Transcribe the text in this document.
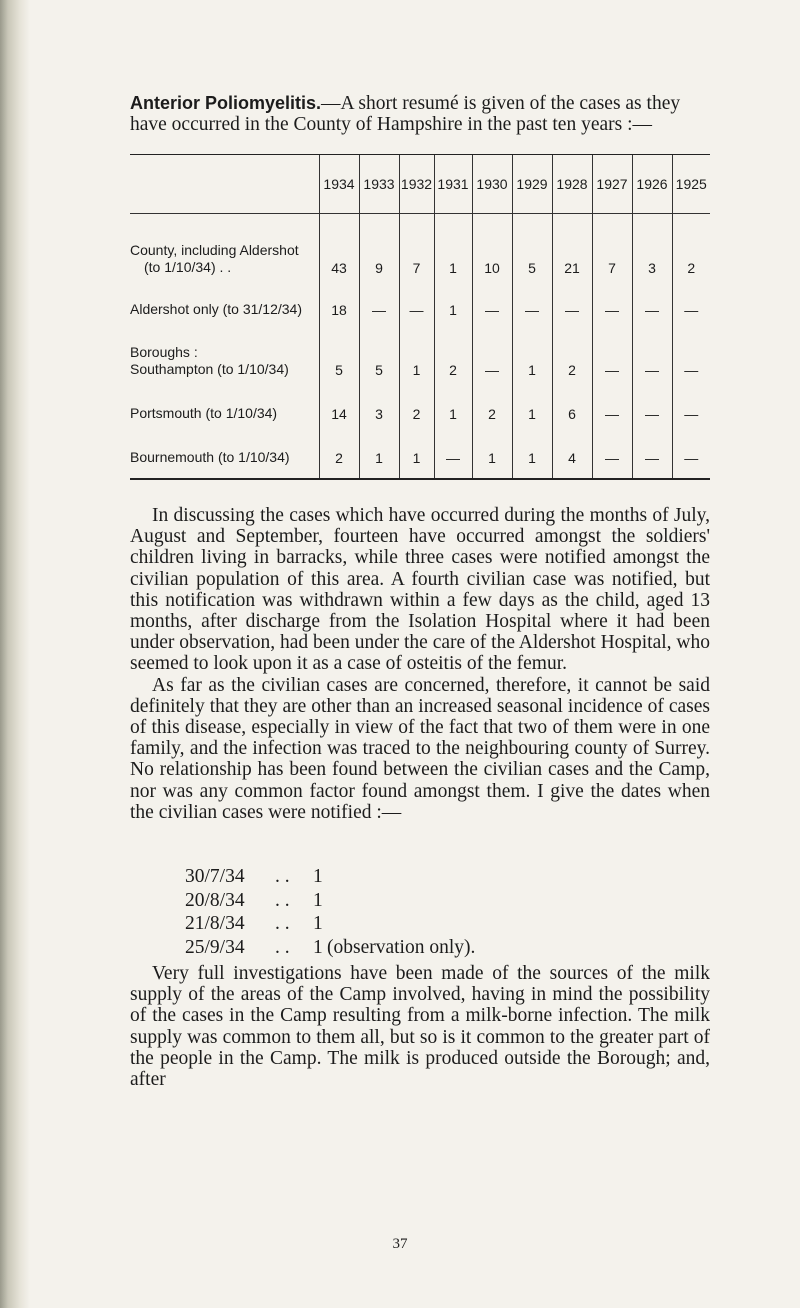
Anterior Poliomyelitis.—A short resumé is given of the cases as they have occurred in the County of Hampshire in the past ten years :—
	1934	1933	1932	1931	1930	1929	1928	1927	1926	1925

County, including Aldershot
(to 1/10/34) . .	43	9	7	1	10	5	21	7	3	2

Aldershot only (to 31/12/34)	18	—	—	1	—	—	—	—	—	—

Boroughs :
Southampton (to 1/10/34)	5	5	1	2	—	1	2	—	—	—

Portsmouth (to 1/10/34)	14	3	2	1	2	1	6	—	—	—

Bournemouth (to 1/10/34)	2	1	1	—	1	1	4	—	—	—

In discussing the cases which have occurred during the months of July, August and September, fourteen have occurred amongst the soldiers' children living in barracks, while three cases were notified amongst the civilian population of this area. A fourth civilian case was notified, but this notification was withdrawn within a few days as the child, aged 13 months, after discharge from the Isolation Hospital where it had been under observation, had been under the care of the Aldershot Hospital, who seemed to look upon it as a case of osteitis of the femur.

As far as the civilian cases are concerned, therefore, it cannot be said definitely that they are other than an increased seasonal incidence of cases of this disease, especially in view of the fact that two of them were in one family, and the infection was traced to the neighbouring county of Surrey. No relationship has been found between the civilian cases and the Camp, nor was any common factor found amongst them. I give the dates when the civilian cases were notified :—

30/7/34	. .	1
20/8/34	. .	1
21/8/34	. .	1
25/9/34	. .	1 (observation only).

Very full investigations have been made of the sources of the milk supply of the areas of the Camp involved, having in mind the possibility of the cases in the Camp resulting from a milk-borne infection. The milk supply was common to them all, but so is it common to the greater part of the people in the Camp. The milk is produced outside the Borough; and, after

37
